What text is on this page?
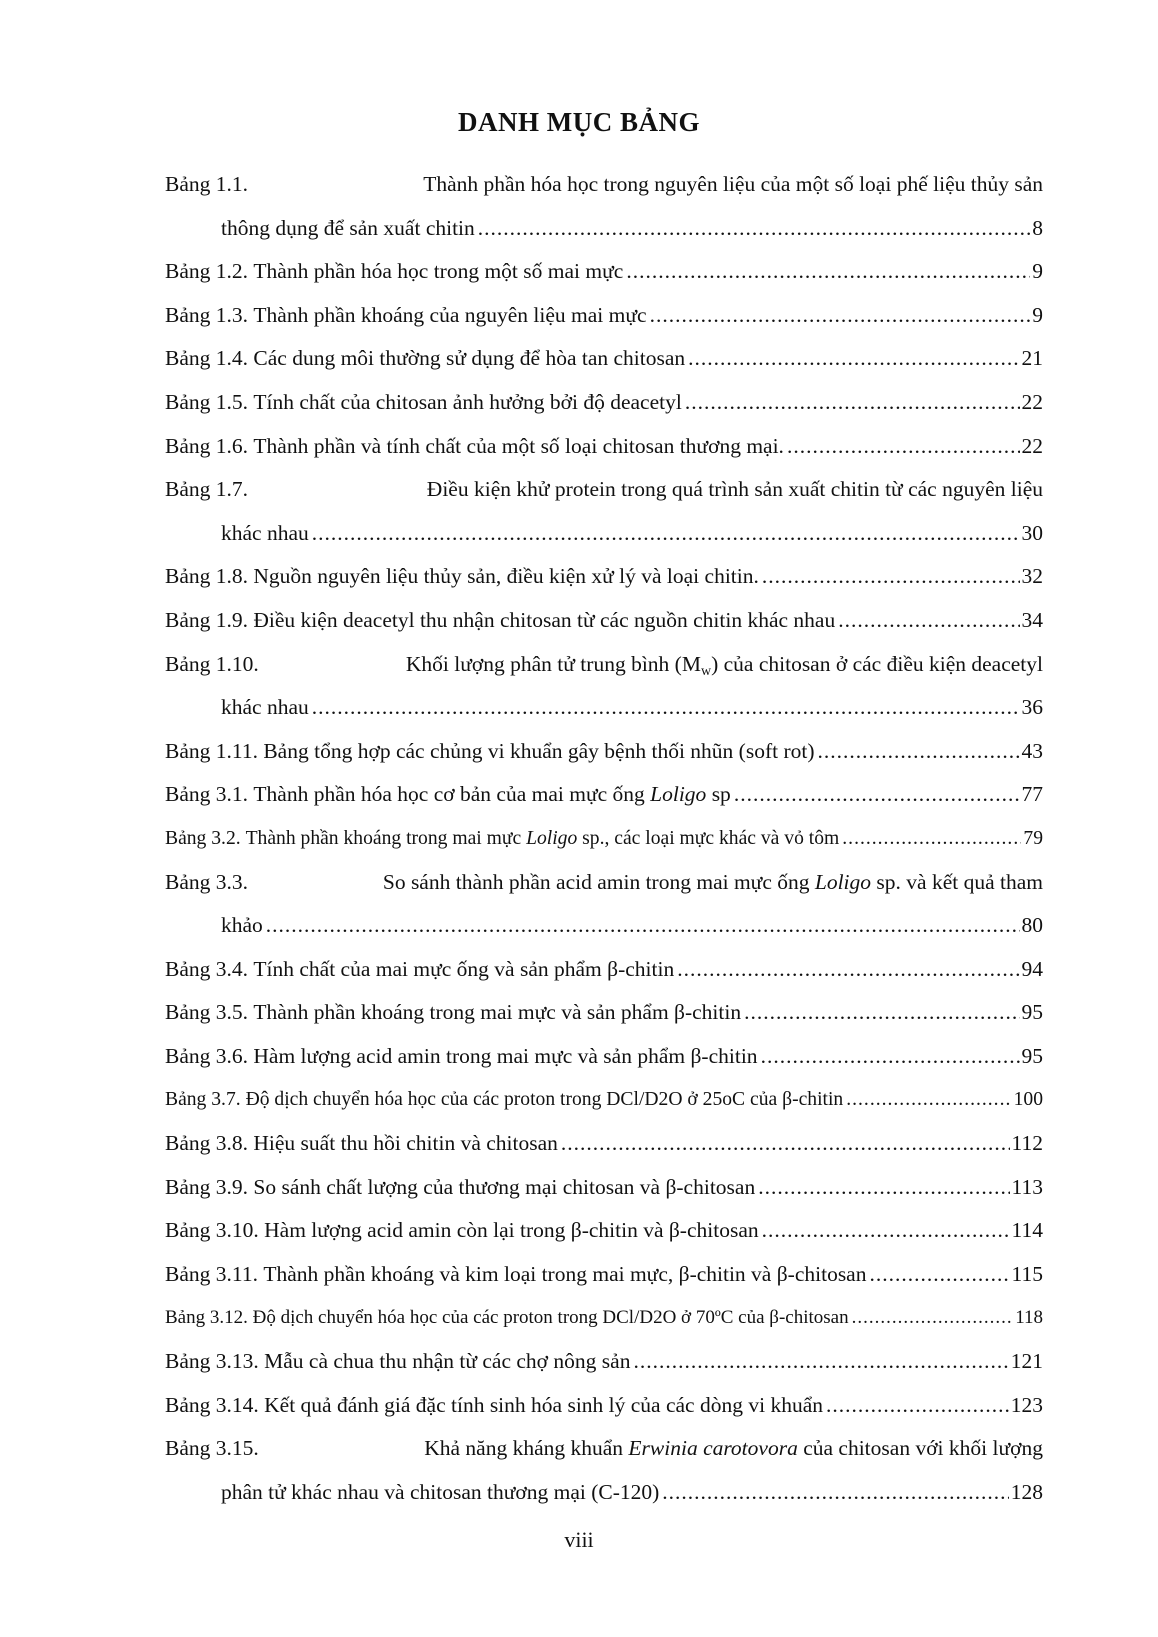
DANH MỤC BẢNG
Bảng 1.1.	Thành phần hóa học trong nguyên liệu của một số loại phế liệu thủy sản
thông dụng để sản xuất chitin .....	8
Bảng 1.2.
Thành phần hóa học trong một số mai mực .....	9
Bảng 1.3.
Thành phần khoáng của nguyên liệu mai mực .....	9
Bảng 1.4.
Các dung môi thường sử dụng để hòa tan chitosan .....	21
Bảng 1.5.
Tính chất của chitosan ảnh hưởng bởi độ deacetyl .....	22
Bảng 1.6.
Thành phần và tính chất của một số loại chitosan thương mại. .....	22
Bảng 1.7.	Điều kiện khử protein trong quá trình sản xuất chitin từ các nguyên liệu
khác nhau .....	30
Bảng 1.8.
Nguồn nguyên liệu thủy sản, điều kiện xử lý và loại chitin. .....	32
Bảng 1.9.
Điều kiện deacetyl thu nhận chitosan từ các nguồn chitin khác nhau .....	34
Bảng 1.10.	Khối lượng phân tử trung bình $(M_w)$ của chitosan ở các điều kiện deacetyl
khác nhau .....	36
Bảng 1.11.
Bảng tổng hợp các chủng vi khuẩn gây bệnh thối nhũn (soft rot) .....	43
Bảng 3.1.
Thành phần hóa học cơ bản của mai mực ống Loligo sp .....	77
Bảng 3.2.
Thành phần khoáng trong mai mực Loligo sp., các loại mực khác và vỏ tôm .....	79
Bảng 3.3.	So sánh thành phần acid amin trong mai mực ống Loligo sp. và kết quả tham
khảo .....	80
Bảng 3.4.
Tính chất của mai mực ống và sản phẩm β-chitin .....	94
Bảng 3.5.
Thành phần khoáng trong mai mực và sản phẩm β-chitin .....	95
Bảng 3.6.
Hàm lượng acid amin trong mai mực và sản phẩm β-chitin .....	95
Bảng 3.7.
Độ dịch chuyển hóa học của các proton trong DCl/D2O ở 25oC của β-chitin .....	100
Bảng 3.8.
Hiệu suất thu hồi chitin và chitosan .....	112
Bảng 3.9.
So sánh chất lượng của thương mại chitosan và β-chitosan .....	113
Bảng 3.10.
Hàm lượng acid amin còn lại trong β-chitin và β-chitosan .....	114
Bảng 3.11.
Thành phần khoáng và kim loại trong mai mực, β-chitin và β-chitosan .....	115
Bảng 3.12.
Độ dịch chuyển hóa học của các proton trong DCl/D2O ở 70ºC của β-chitosan .....	118
Bảng 3.13.
Mẫu cà chua thu nhận từ các chợ nông sản .....	121
Bảng 3.14.
Kết quả đánh giá đặc tính sinh hóa sinh lý của các dòng vi khuẩn .....	123
Bảng 3.15.	Khả năng kháng khuẩn Erwinia carotovora của chitosan với khối lượng
phân tử khác nhau và chitosan thương mại (C-120) .....	128
viii
